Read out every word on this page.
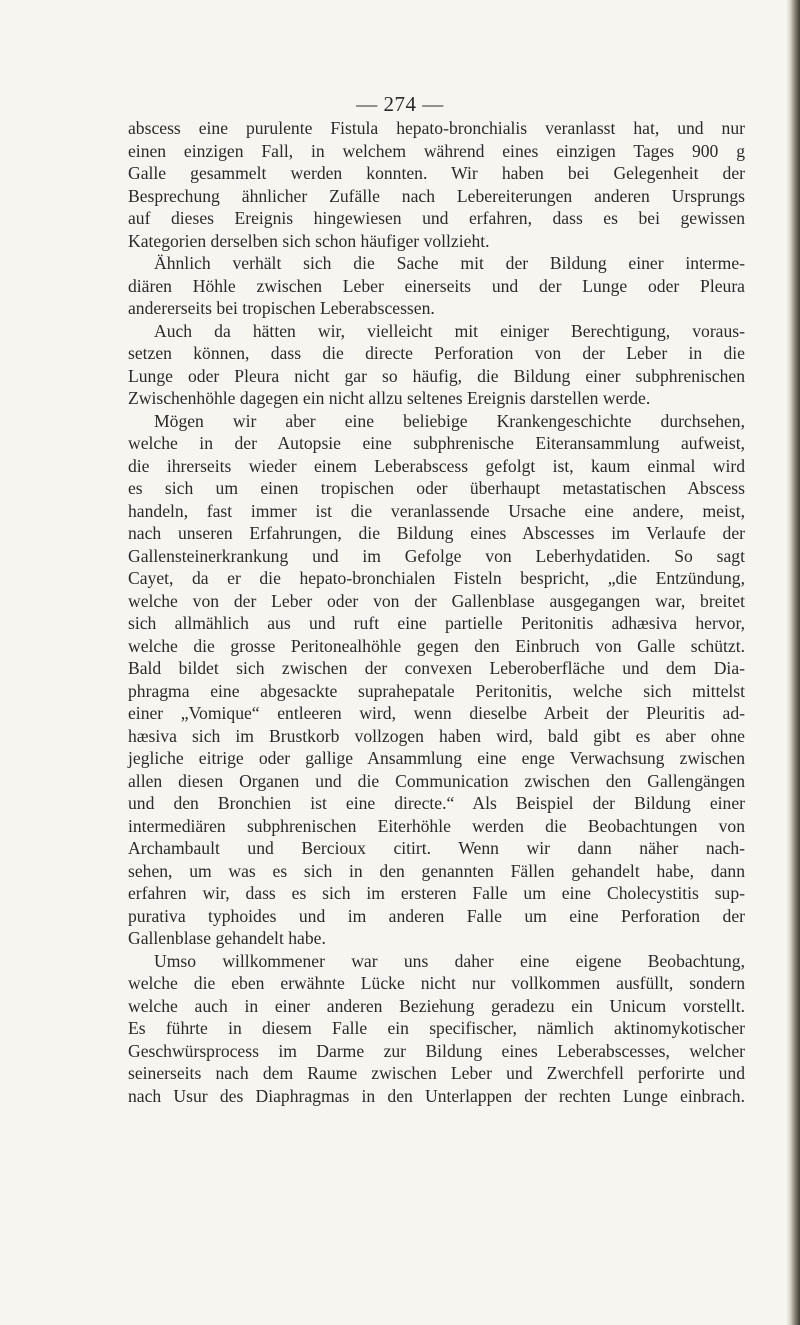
— 274 —
abscess eine purulente Fistula hepato-bronchialis veranlasst hat, und nur
einen einzigen Fall, in welchem während eines einzigen Tages 900 g
Galle gesammelt werden konnten. Wir haben bei Gelegenheit der
Besprechung ähnlicher Zufälle nach Lebereiterungen anderen Ursprungs
auf dieses Ereignis hingewiesen und erfahren, dass es bei gewissen
Kategorien derselben sich schon häufiger vollzieht.
Ähnlich verhält sich die Sache mit der Bildung einer interme-
diären Höhle zwischen Leber einerseits und der Lunge oder Pleura
andererseits bei tropischen Leberabscessen.
Auch da hätten wir, vielleicht mit einiger Berechtigung, voraus-
setzen können, dass die directe Perforation von der Leber in die
Lunge oder Pleura nicht gar so häufig, die Bildung einer subphrenischen
Zwischenhöhle dagegen ein nicht allzu seltenes Ereignis darstellen werde.
Mögen wir aber eine beliebige Krankengeschichte durchsehen,
welche in der Autopsie eine subphrenische Eiteransammlung aufweist,
die ihrerseits wieder einem Leberabscess gefolgt ist, kaum einmal wird
es sich um einen tropischen oder überhaupt metastatischen Abscess
handeln, fast immer ist die veranlassende Ursache eine andere, meist,
nach unseren Erfahrungen, die Bildung eines Abscesses im Verlaufe der
Gallensteinerkrankung und im Gefolge von Leberhydatiden. So sagt
Cayet, da er die hepato-bronchialen Fisteln bespricht, „die Entzündung,
welche von der Leber oder von der Gallenblase ausgegangen war, breitet
sich allmählich aus und ruft eine partielle Peritonitis adhæsiva hervor,
welche die grosse Peritonealhöhle gegen den Einbruch von Galle schützt.
Bald bildet sich zwischen der convexen Leberoberfläche und dem Dia-
phragma eine abgesackte suprahepatale Peritonitis, welche sich mittelst
einer „Vomique“ entleeren wird, wenn dieselbe Arbeit der Pleuritis ad-
hæsiva sich im Brustkorb vollzogen haben wird, bald gibt es aber ohne
jegliche eitrige oder gallige Ansammlung eine enge Verwachsung zwischen
allen diesen Organen und die Communication zwischen den Gallengängen
und den Bronchien ist eine directe.“ Als Beispiel der Bildung einer
intermediären subphrenischen Eiterhöhle werden die Beobachtungen von
Archambault und Bercioux citirt. Wenn wir dann näher nach-
sehen, um was es sich in den genannten Fällen gehandelt habe, dann
erfahren wir, dass es sich im ersteren Falle um eine Cholecystitis sup-
purativa typhoides und im anderen Falle um eine Perforation der
Gallenblase gehandelt habe.
Umso willkommener war uns daher eine eigene Beobachtung,
welche die eben erwähnte Lücke nicht nur vollkommen ausfüllt, sondern
welche auch in einer anderen Beziehung geradezu ein Unicum vorstellt.
Es führte in diesem Falle ein specifischer, nämlich aktinomykotischer
Geschwürsprocess im Darme zur Bildung eines Leberabscesses, welcher
seinerseits nach dem Raume zwischen Leber und Zwerchfell perforirte und
nach Usur des Diaphragmas in den Unterlappen der rechten Lunge einbrach.
